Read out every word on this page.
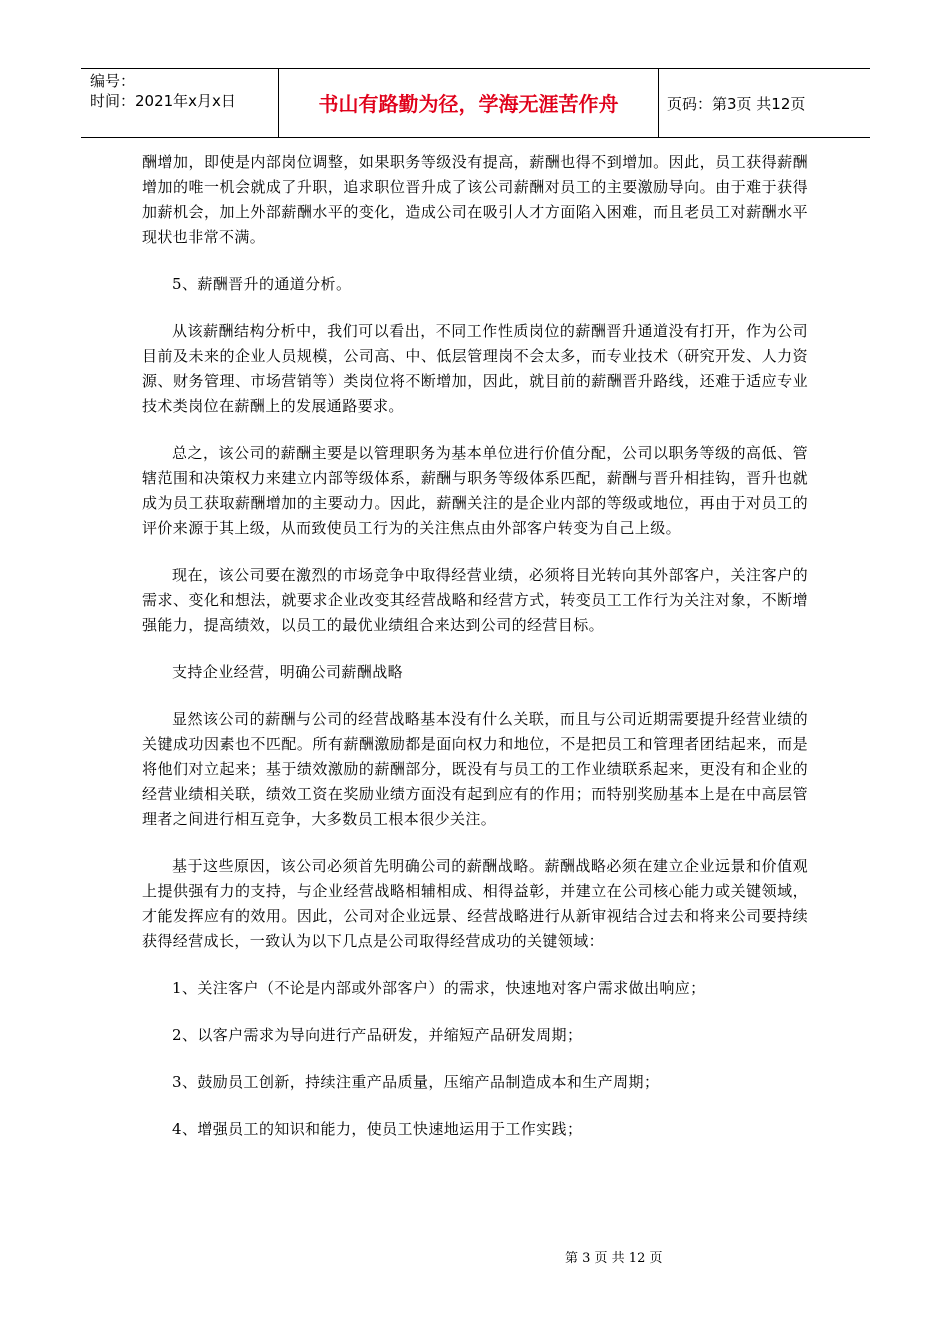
编号：
时间：2021年x月x日	书山有路勤为径，学海无涯苦作舟	页码：第3页 共12页

酬增加，即使是内部岗位调整，如果职务等级没有提高，薪酬也得不到增加。因此，员工获得薪酬增加的唯一机会就成了升职，追求职位晋升成了该公司薪酬对员工的主要激励导向。由于难于获得加薪机会，加上外部薪酬水平的变化，造成公司在吸引人才方面陷入困难，而且老员工对薪酬水平现状也非常不满。

5、薪酬晋升的通道分析。

从该薪酬结构分析中，我们可以看出，不同工作性质岗位的薪酬晋升通道没有打开，作为公司目前及未来的企业人员规模，公司高、中、低层管理岗不会太多，而专业技术（研究开发、人力资源、财务管理、市场营销等）类岗位将不断增加，因此，就目前的薪酬晋升路线，还难于适应专业技术类岗位在薪酬上的发展通路要求。

总之，该公司的薪酬主要是以管理职务为基本单位进行价值分配，公司以职务等级的高低、管辖范围和决策权力来建立内部等级体系，薪酬与职务等级体系匹配，薪酬与晋升相挂钩，晋升也就成为员工获取薪酬增加的主要动力。因此，薪酬关注的是企业内部的等级或地位，再由于对员工的评价来源于其上级，从而致使员工行为的关注焦点由外部客户转变为自己上级。

现在，该公司要在激烈的市场竞争中取得经营业绩，必须将目光转向其外部客户，关注客户的需求、变化和想法，就要求企业改变其经营战略和经营方式，转变员工工作行为关注对象，不断增强能力，提高绩效，以员工的最优业绩组合来达到公司的经营目标。

支持企业经营，明确公司薪酬战略

显然该公司的薪酬与公司的经营战略基本没有什么关联，而且与公司近期需要提升经营业绩的关键成功因素也不匹配。所有薪酬激励都是面向权力和地位，不是把员工和管理者团结起来，而是将他们对立起来；基于绩效激励的薪酬部分，既没有与员工的工作业绩联系起来，更没有和企业的经营业绩相关联，绩效工资在奖励业绩方面没有起到应有的作用；而特别奖励基本上是在中高层管理者之间进行相互竞争，大多数员工根本很少关注。

基于这些原因，该公司必须首先明确公司的薪酬战略。薪酬战略必须在建立企业远景和价值观上提供强有力的支持，与企业经营战略相辅相成、相得益彰，并建立在公司核心能力或关键领域，才能发挥应有的效用。因此，公司对企业远景、经营战略进行从新审视结合过去和将来公司要持续获得经营成长，一致认为以下几点是公司取得经营成功的关键领域：

1、关注客户（不论是内部或外部客户）的需求，快速地对客户需求做出响应；

2、以客户需求为导向进行产品研发，并缩短产品研发周期；

3、鼓励员工创新，持续注重产品质量，压缩产品制造成本和生产周期；

4、增强员工的知识和能力，使员工快速地运用于工作实践；

第 3 页 共 12 页
